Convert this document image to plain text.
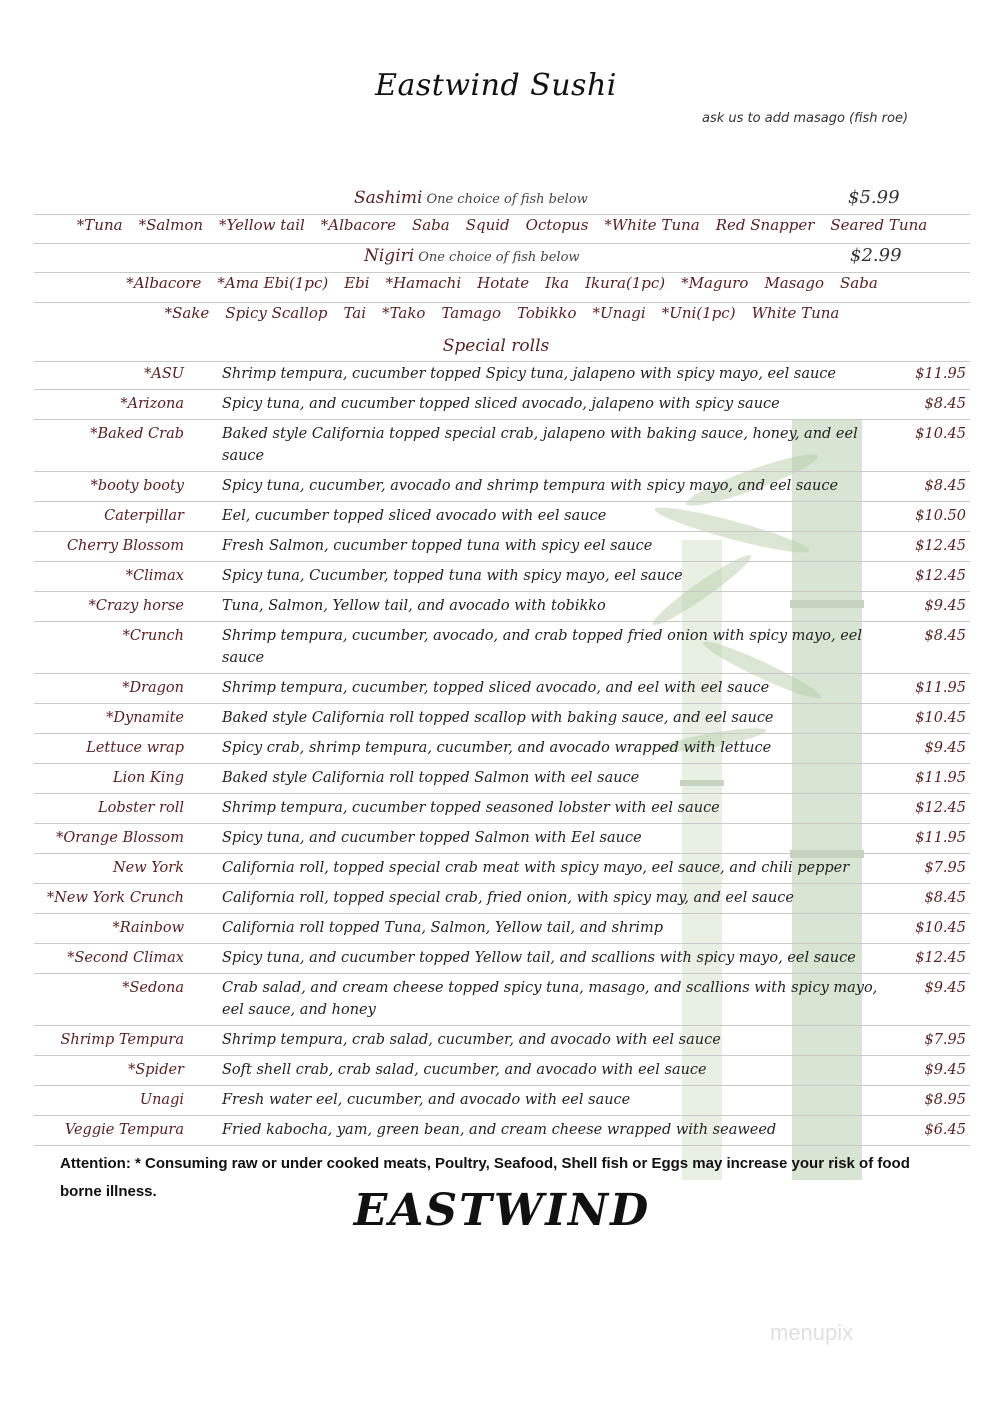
Eastwind Sushi
ask us to add masago (fish roe)
Sashimi One choice of fish below	$5.99
*Tuna *Salmon *Yellow tail *Albacore Saba Squid Octopus *White Tuna Red Snapper Seared Tuna
Nigiri One choice of fish below	$2.99
*Albacore *Ama Ebi(1pc) Ebi *Hamachi Hotate Ika Ikura(1pc) *Maguro Masago Saba
*Sake Spicy Scallop Tai *Tako Tamago Tobikko *Unagi *Uni(1pc) White Tuna
Special rolls
*ASU	Shrimp tempura, cucumber topped Spicy tuna, jalapeno with spicy mayo, eel sauce	$11.95
*Arizona	Spicy tuna, and cucumber topped sliced avocado, jalapeno with spicy sauce	$8.45
*Baked Crab	Baked style California topped special crab, jalapeno with baking sauce, honey, and eel sauce
$10.45
*booty booty	Spicy tuna, cucumber, avocado and shrimp tempura with spicy mayo, and eel sauce	$8.45
Caterpillar	Eel, cucumber topped sliced avocado with eel sauce	$10.50
Cherry Blossom	Fresh Salmon, cucumber topped tuna with spicy eel sauce	$12.45
*Climax	Spicy tuna, Cucumber, topped tuna with spicy mayo, eel sauce	$12.45
*Crazy horse	Tuna, Salmon, Yellow tail, and avocado with tobikko	$9.45
*Crunch	Shrimp tempura, cucumber, avocado, and crab topped fried onion with spicy mayo, eel sauce
$8.45
*Dragon	Shrimp tempura, cucumber, topped sliced avocado, and eel with eel sauce	$11.95
*Dynamite	Baked style California roll topped scallop with baking sauce, and eel sauce	$10.45
Lettuce wrap	Spicy crab, shrimp tempura, cucumber, and avocado wrapped with lettuce	$9.45
Lion King	Baked style California roll topped Salmon with eel sauce	$11.95
Lobster roll	Shrimp tempura, cucumber topped seasoned lobster with eel sauce	$12.45
*Orange Blossom	Spicy tuna, and cucumber topped Salmon with Eel sauce	$11.95
New York	California roll, topped special crab meat with spicy mayo, eel sauce, and chili pepper	$7.95
*New York Crunch	California roll, topped special crab, fried onion, with spicy may, and eel sauce	$8.45
*Rainbow	California roll topped Tuna, Salmon, Yellow tail, and shrimp	$10.45
*Second Climax	Spicy tuna, and cucumber topped Yellow tail, and scallions with spicy mayo, eel sauce	$12.45
*Sedona	Crab salad, and cream cheese topped spicy tuna, masago, and scallions with spicy mayo, eel sauce, and honey
$9.45
Shrimp Tempura	Shrimp tempura, crab salad, cucumber, and avocado with eel sauce	$7.95
*Spider	Soft shell crab, crab salad, cucumber, and avocado with eel sauce	$9.45
Unagi	Fresh water eel, cucumber, and avocado with eel sauce	$8.95
Veggie Tempura	Fried kabocha, yam, green bean, and cream cheese wrapped with seaweed	$6.45
Attention: * Consuming raw or under cooked meats, Poultry, Seafood, Shell fish or Eggs may increase your risk of food borne illness.	EASTWIND
menupix
